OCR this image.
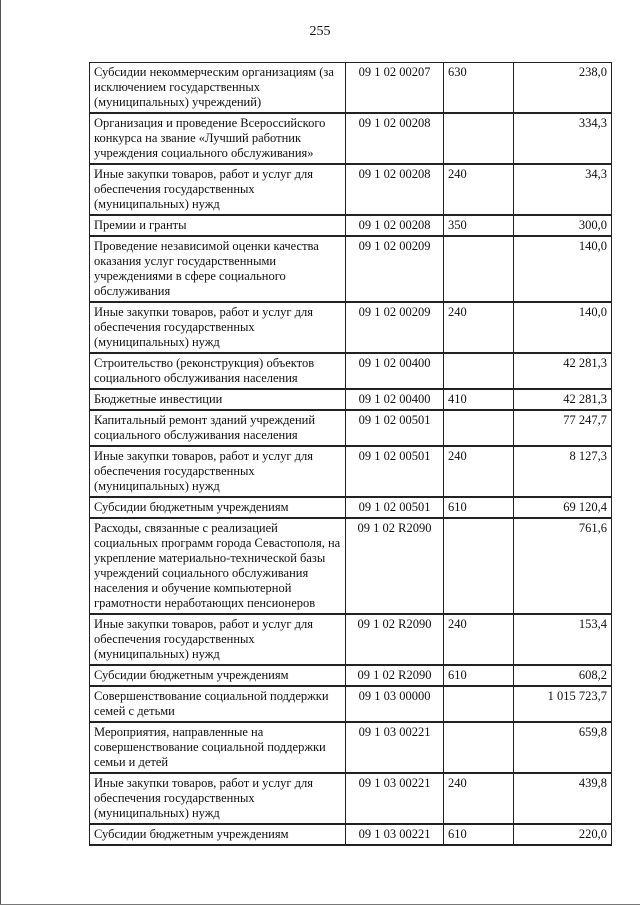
255
Субсидии некоммерческим организациям (за исключением государственных (муниципальных) учреждений)	09 1 02 00207	630	238,0
Организация и проведение Всероссийского конкурса на звание «Лучший работник учреждения социального обслуживания»	09 1 02 00208		334,3
Иные закупки товаров, работ и услуг для обеспечения государственных (муниципальных) нужд	09 1 02 00208	240	34,3
Премии и гранты	09 1 02 00208	350	300,0
Проведение независимой оценки качества оказания услуг государственными учреждениями в сфере социального обслуживания	09 1 02 00209		140,0
Иные закупки товаров, работ и услуг для обеспечения государственных (муниципальных) нужд	09 1 02 00209	240	140,0
Строительство (реконструкция) объектов социального обслуживания населения	09 1 02 00400		42 281,3
Бюджетные инвестиции	09 1 02 00400	410	42 281,3
Капитальный ремонт зданий учреждений социального обслуживания населения	09 1 02 00501		77 247,7
Иные закупки товаров, работ и услуг для обеспечения государственных (муниципальных) нужд	09 1 02 00501	240	8 127,3
Субсидии бюджетным учреждениям	09 1 02 00501	610	69 120,4
Расходы, связанные с реализацией социальных программ города Севастополя, на укрепление материально-технической базы учреждений социального обслуживания населения и обучение компьютерной грамотности неработающих пенсионеров	09 1 02 R2090		761,6
Иные закупки товаров, работ и услуг для обеспечения государственных (муниципальных) нужд	09 1 02 R2090	240	153,4
Субсидии бюджетным учреждениям	09 1 02 R2090	610	608,2
Совершенствование социальной поддержки семей с детьми	09 1 03 00000		1 015 723,7
Мероприятия, направленные на совершенствование социальной поддержки семьи и детей	09 1 03 00221		659,8
Иные закупки товаров, работ и услуг для обеспечения государственных (муниципальных) нужд	09 1 03 00221	240	439,8
Субсидии бюджетным учреждениям	09 1 03 00221	610	220,0
